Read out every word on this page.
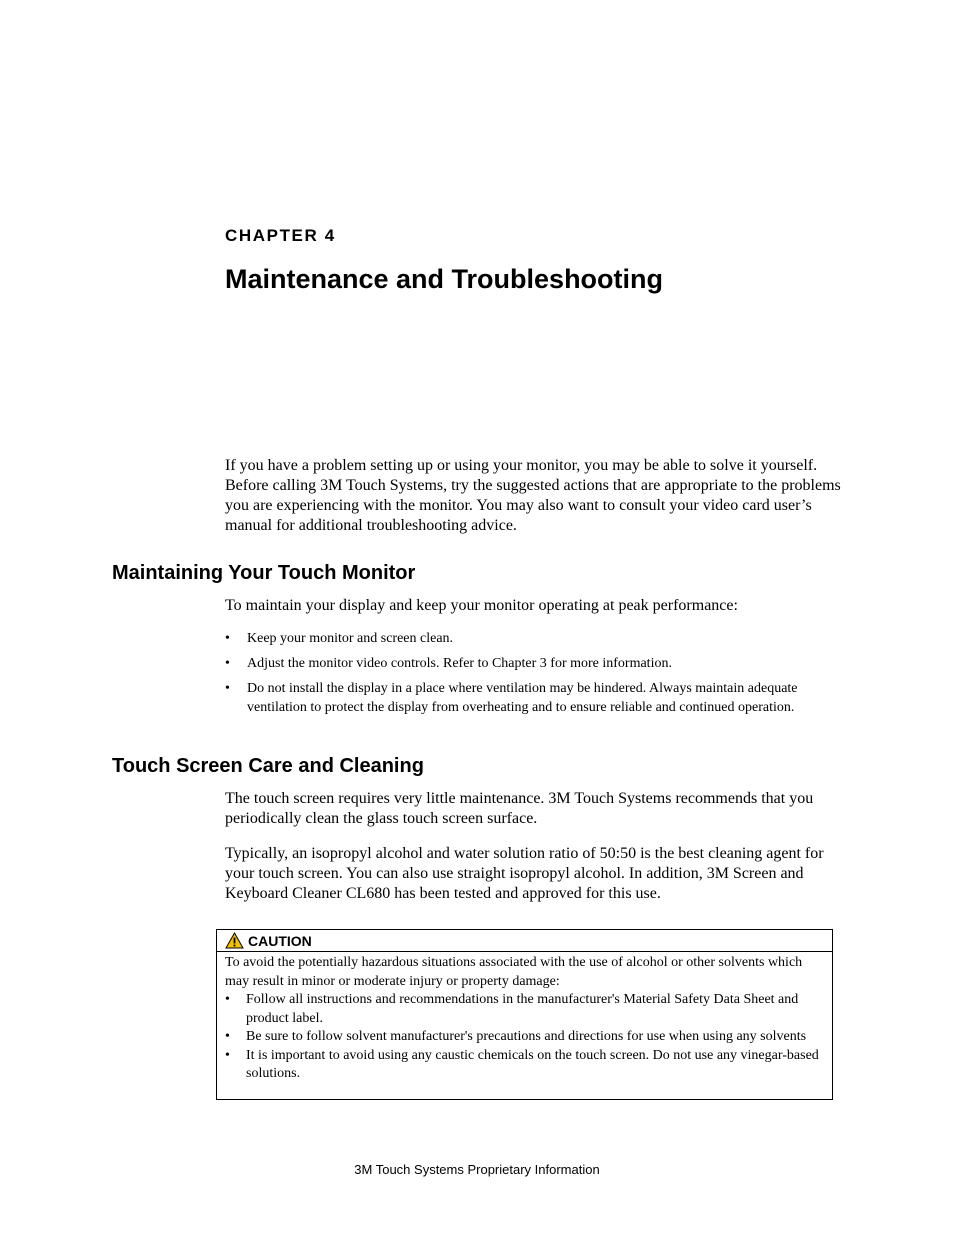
CHAPTER 4
Maintenance and Troubleshooting

If you have a problem setting up or using your monitor, you may be able to solve it yourself. Before calling 3M Touch Systems, try the suggested actions that are appropriate to the problems you are experiencing with the monitor. You may also want to consult your video card user’s manual for additional troubleshooting advice.

Maintaining Your Touch Monitor

To maintain your display and keep your monitor operating at peak performance:

• Keep your monitor and screen clean.
• Adjust the monitor video controls. Refer to Chapter 3 for more information.
• Do not install the display in a place where ventilation may be hindered. Always maintain adequate ventilation to protect the display from overheating and to ensure reliable and continued operation.
Touch Screen Care and Cleaning

The touch screen requires very little maintenance. 3M Touch Systems recommends that you periodically clean the glass touch screen surface.

Typically, an isopropyl alcohol and water solution ratio of 50:50 is the best cleaning agent for your touch screen. You can also use straight isopropyl alcohol. In addition, 3M Screen and Keyboard Cleaner CL680 has been tested and approved for this use.

CAUTION

To avoid the potentially hazardous situations associated with the use of alcohol or other solvents which may result in minor or moderate injury or property damage:

• Follow all instructions and recommendations in the manufacturer's Material Safety Data Sheet and product label.
• Be sure to follow solvent manufacturer's precautions and directions for use when using any solvents
• It is important to avoid using any caustic chemicals on the touch screen. Do not use any vinegar-based solutions.
3M Touch Systems Proprietary Information
